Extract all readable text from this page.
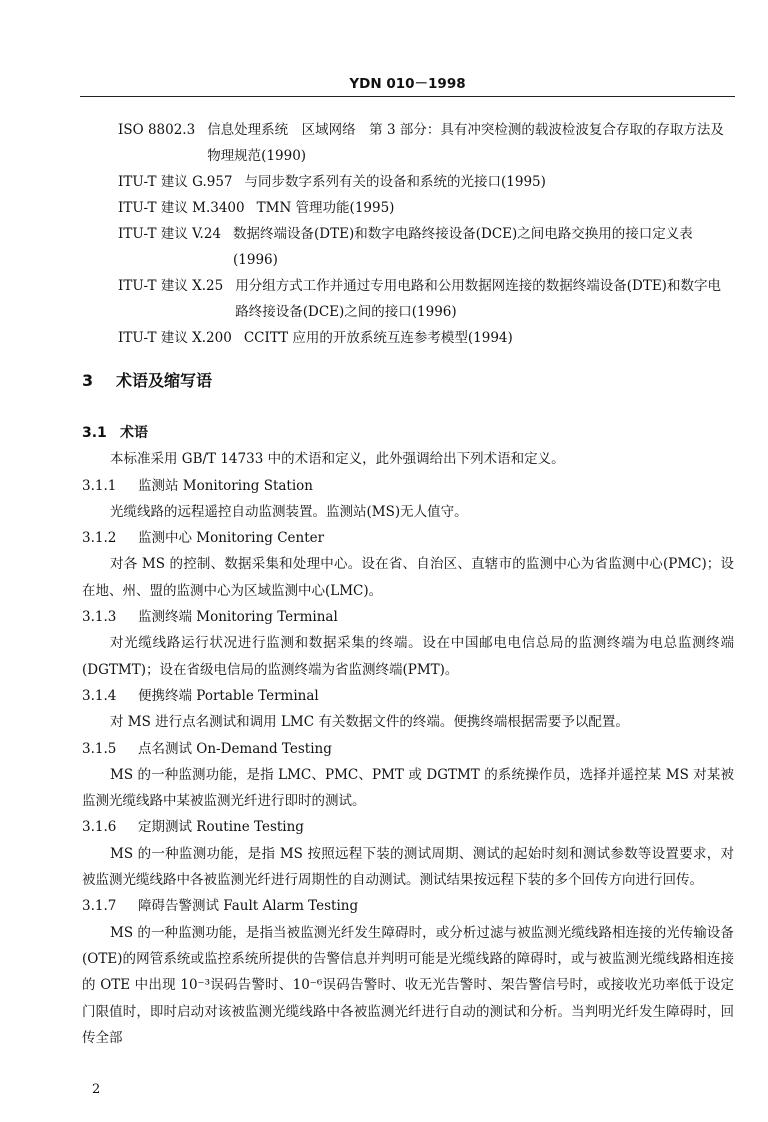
YDN 010－1998
ISO 8802.3 信息处理系统　区域网络　第 3 部分：具有冲突检测的载波检波复合存取的存取方法及物理规范(1990)
ITU-T 建议 G.957 与同步数字系列有关的设备和系统的光接口(1995)
ITU-T 建议 M.3400 TMN 管理功能(1995)
ITU-T 建议 V.24 数据终端设备(DTE)和数字电路终接设备(DCE)之间电路交换用的接口定义表(1996)
ITU-T 建议 X.25 用分组方式工作并通过专用电路和公用数据网连接的数据终端设备(DTE)和数字电路终接设备(DCE)之间的接口(1996)
ITU-T 建议 X.200 CCITT 应用的开放系统互连参考模型(1994)
3 术语及缩写语
3.1 术语

本标准采用 GB/T 14733 中的术语和定义，此外强调给出下列术语和定义。

3.1.1 监测站 Monitoring Station

光缆线路的远程遥控自动监测装置。监测站(MS)无人值守。

3.1.2 监测中心 Monitoring Center

对各 MS 的控制、数据采集和处理中心。设在省、自治区、直辖市的监测中心为省监测中心(PMC)；设在地、州、盟的监测中心为区域监测中心(LMC)。

3.1.3 监测终端 Monitoring Terminal

对光缆线路运行状况进行监测和数据采集的终端。设在中国邮电电信总局的监测终端为电总监测终端(DGTMT)；设在省级电信局的监测终端为省监测终端(PMT)。

3.1.4 便携终端 Portable Terminal

对 MS 进行点名测试和调用 LMC 有关数据文件的终端。便携终端根据需要予以配置。

3.1.5 点名测试 On-Demand Testing

MS 的一种监测功能，是指 LMC、PMC、PMT 或 DGTMT 的系统操作员，选择并遥控某 MS 对某被监测光缆线路中某被监测光纤进行即时的测试。

3.1.6 定期测试 Routine Testing

MS 的一种监测功能，是指 MS 按照远程下装的测试周期、测试的起始时刻和测试参数等设置要求，对被监测光缆线路中各被监测光纤进行周期性的自动测试。测试结果按远程下装的多个回传方向进行回传。

3.1.7 障碍告警测试 Fault Alarm Testing

MS 的一种监测功能，是指当被监测光纤发生障碍时，或分析过滤与被监测光缆线路相连接的光传输设备(OTE)的网管系统或监控系统所提供的告警信息并判明可能是光缆线路的障碍时，或与被监测光缆线路相连接的 OTE 中出现 10⁻³误码告警时、10⁻⁶误码告警时、收无光告警时、架告警信号时，或接收光功率低于设定门限值时，即时启动对该被监测光缆线路中各被监测光纤进行自动的测试和分析。当判明光纤发生障碍时，回传全部

2
